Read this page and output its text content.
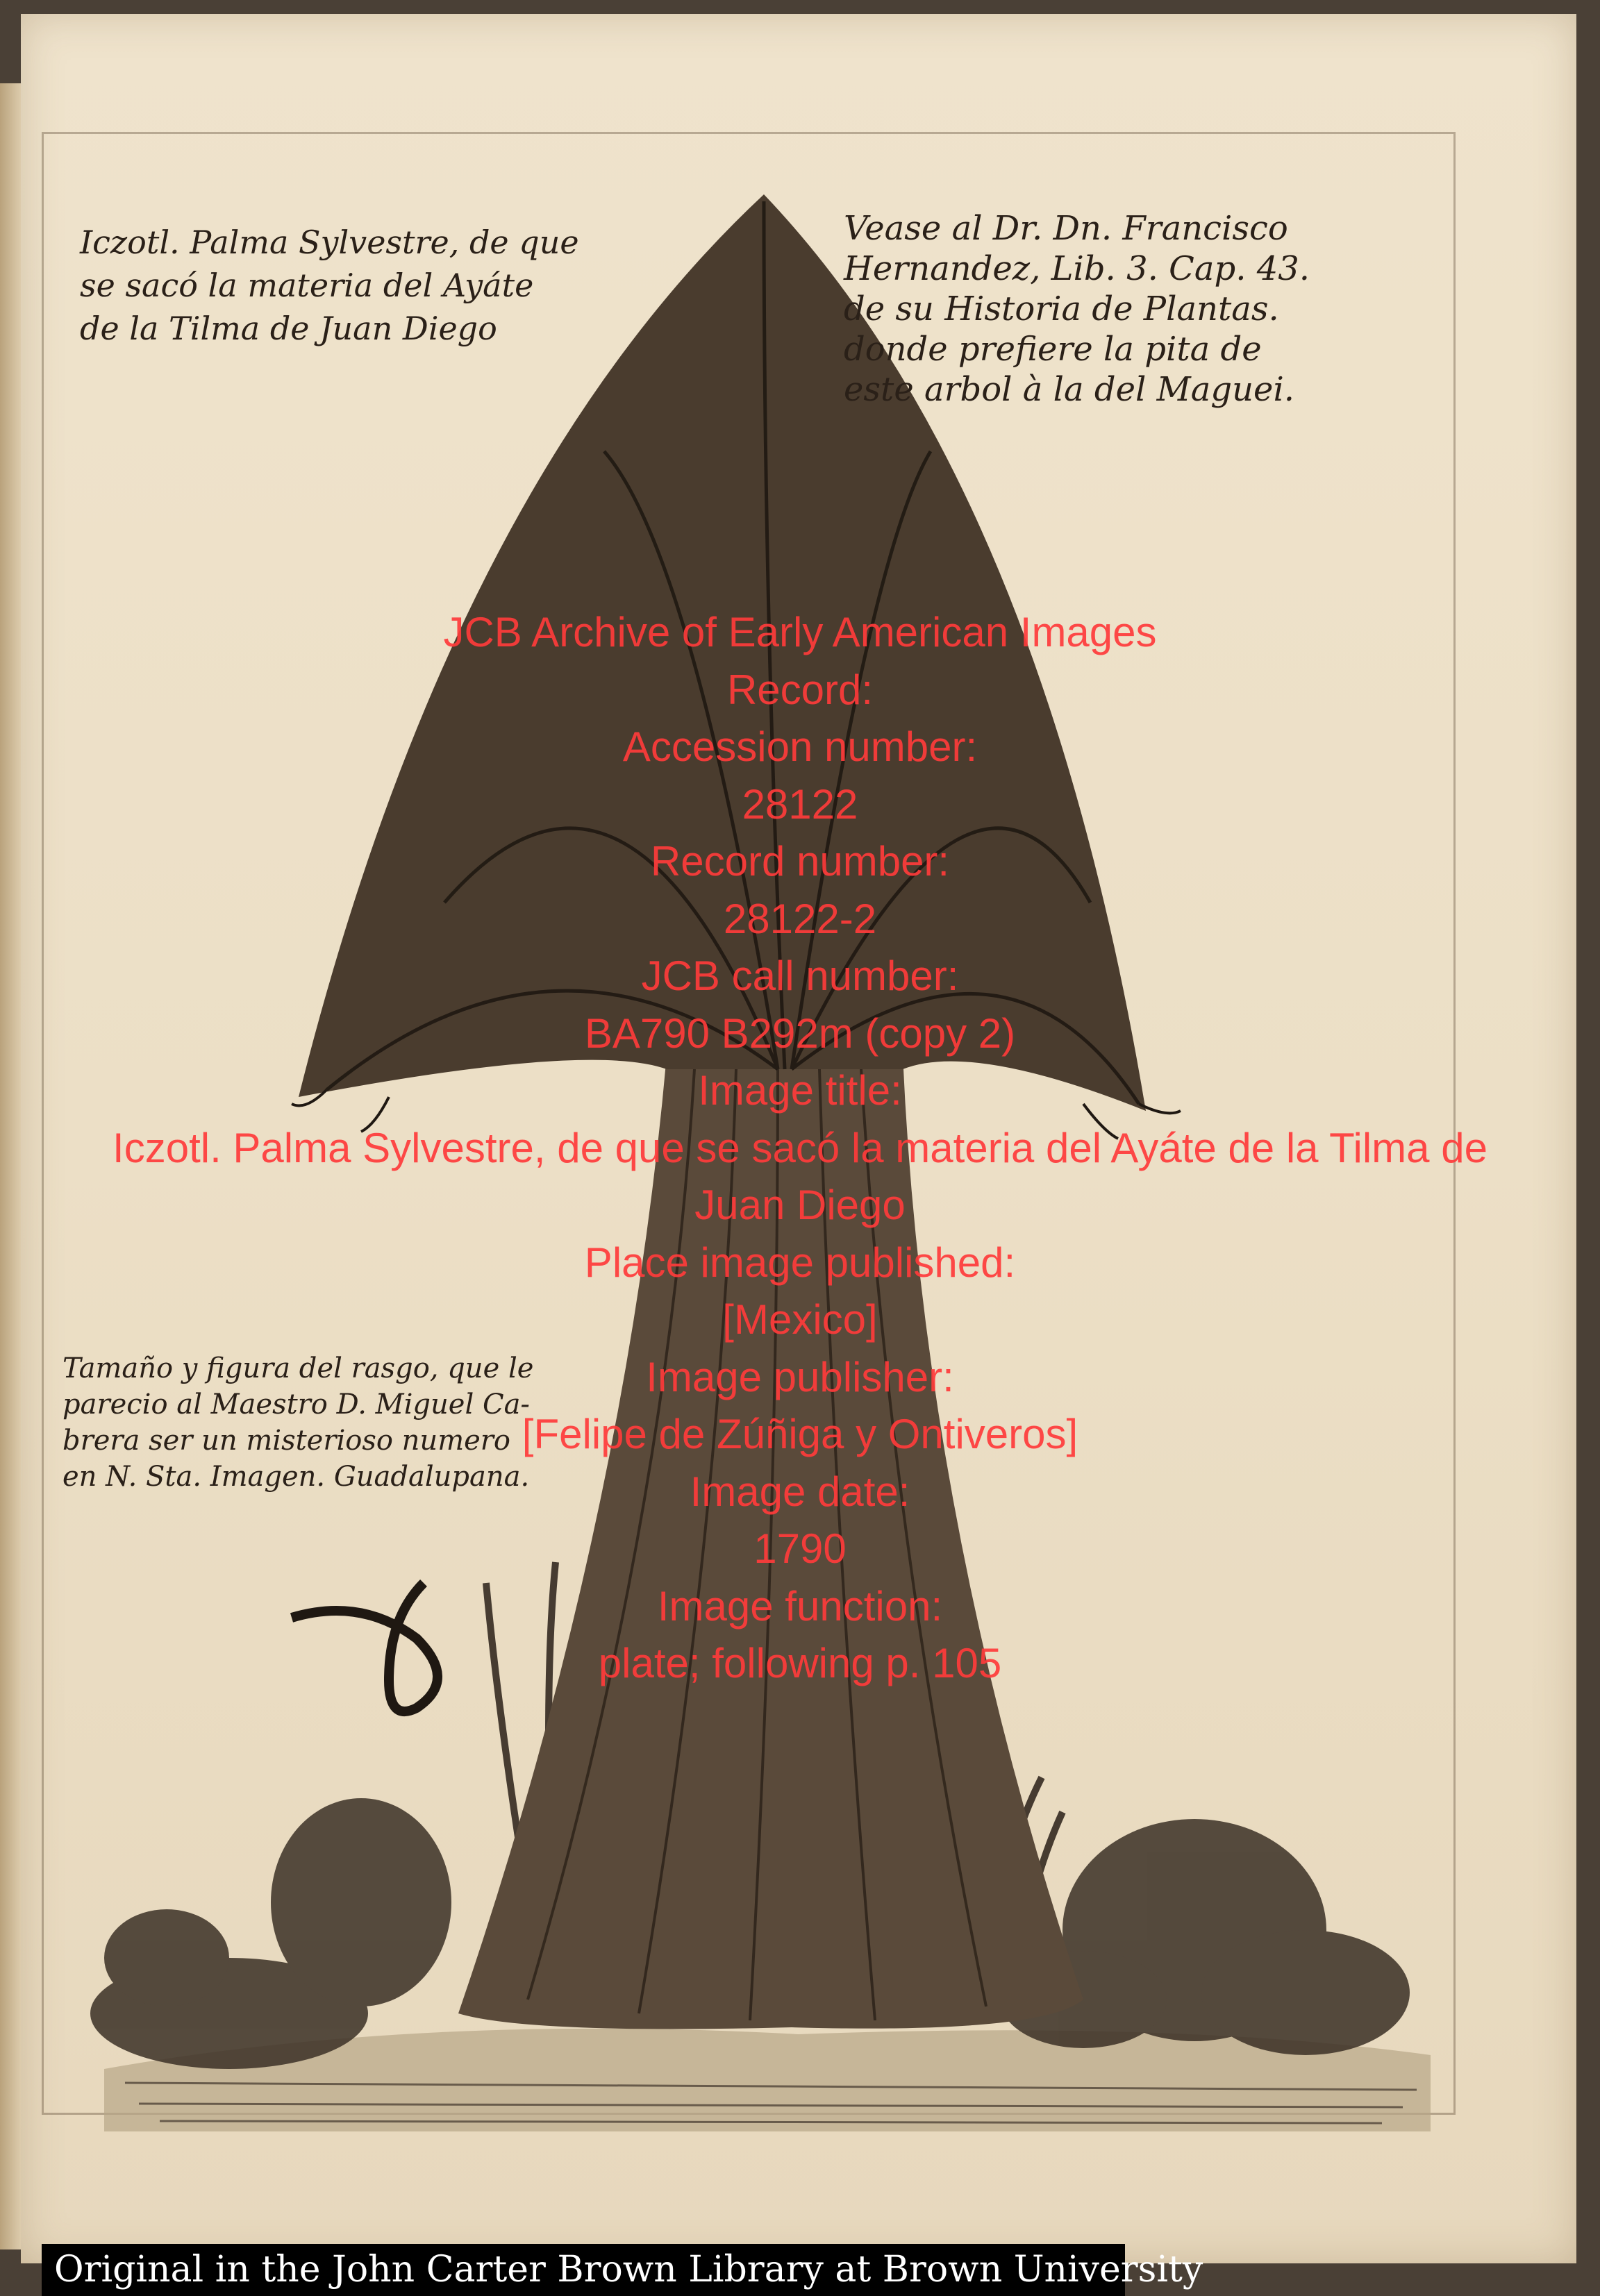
Iczotl. Palma Sylvestre, de que
se sacó la materia del Ayáte
de la Tilma de Juan Diego
Vease al Dr. Dn. Francisco
Hernandez, Lib. 3. Cap. 43.
de su Historia de Plantas.
donde prefiere la pita de
este arbol à la del Maguei.
Tamaño y figura del rasgo, que le
parecio al Maestro D. Miguel Ca-
brera ser un misterioso numero
en N. Sta. Imagen. Guadalupana.
JCB Archive of Early American Images
Record:
Accession number:
28122
Record number:
28122-2
JCB call number:
BA790 B292m (copy 2)
Image title:
Iczotl. Palma Sylvestre, de que se sacó la materia del Ayáte de la Tilma de
Juan Diego
Place image published:
[Mexico]
Image publisher:
[Felipe de Zúñiga y Ontiveros]
Image date:
1790
Image function:
plate; following p. 105
Original in the John Carter Brown Library at Brown University
